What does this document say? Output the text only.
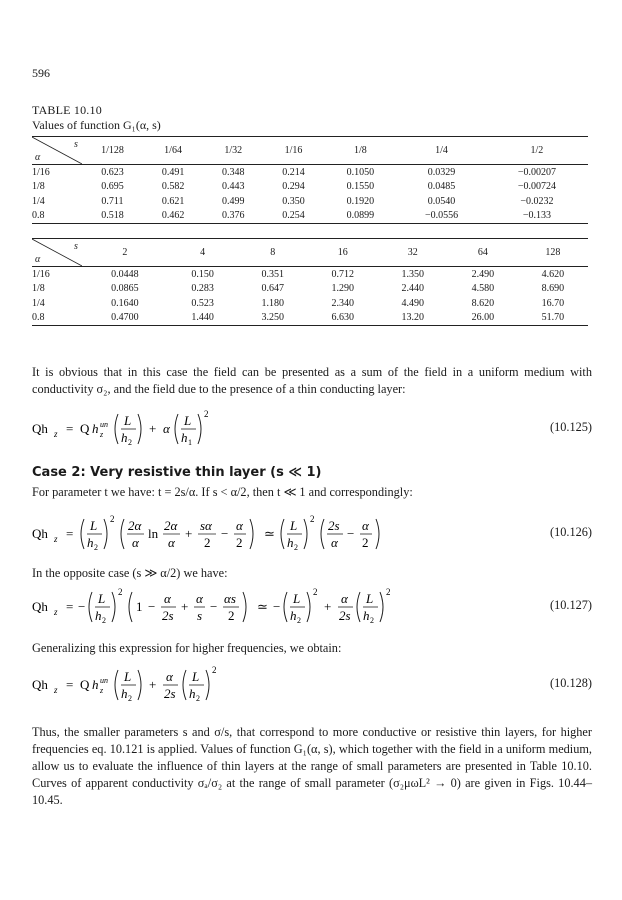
596
TABLE 10.10
Values of function G₁(α, s)
s
α	1/128	1/64	1/32	1/16	1/8	1/4	1/2
1/16	0.623	0.491	0.348	0.214	0.1050	0.0329	−0.00207
1/8	0.695	0.582	0.443	0.294	0.1550	0.0485	−0.00724
1/4	0.711	0.621	0.499	0.350	0.1920	0.0540	−0.0232
0.8	0.518	0.462	0.376	0.254	0.0899	−0.0556	−0.133
s
α	2	4	8	16	32	64	128
1/16	0.0448	0.150	0.351	0.712	1.350	2.490	4.620
1/8	0.0865	0.283	0.647	1.290	2.440	4.580	8.690
1/4	0.1640	0.523	1.180	2.340	4.490	8.620	16.70
0.8	0.4700	1.440	3.250	6.630	13.20	26.00	51.70
It is obvious that in this case the field can be presented as a sum of the field in a uniform medium with conductivity σ₂, and the field due to the presence of a thin conducting layer:
Qh z = Q h un
z
L
h 2
+ α
L
h 1
2
(10.125)
Case 2: Very resistive thin layer (s ≪ 1)
For parameter t we have: t = 2s/α. If s < α/2, then t ≪ 1 and correspondingly:
Qh z =
L
h 2
2 2α
α
ln
2α
α
+
sα
2
−
α
2
≃
L
h 2
2 2s
α
−
α
2
(10.126)
In the opposite case (s ≫ α/2) we have:
Qh z = −
L
h 2
2
1 −
α
2s
+
α
s
−
αs
2
≃ −
L
h 2
2
+
α
2s
L
h 2
2
(10.127)
Generalizing this expression for higher frequencies, we obtain:
Qh z = Q h un
z
L
h 2
+
α
2s
L
h 2
2
(10.128)
Thus, the smaller parameters s and σ/s, that correspond to more conductive or resistive thin layers, for higher frequencies eq. 10.121 is applied. Values of function G₁(α, s), which together with the field in a uniform medium, allow us to evaluate the influence of thin layers at the range of small parameters are presented in Table 10.10. Curves of apparent conductivity σₐ/σ₂ at the range of small parameter (σ₂μωL² → 0) are given in Figs. 10.44–10.45.
